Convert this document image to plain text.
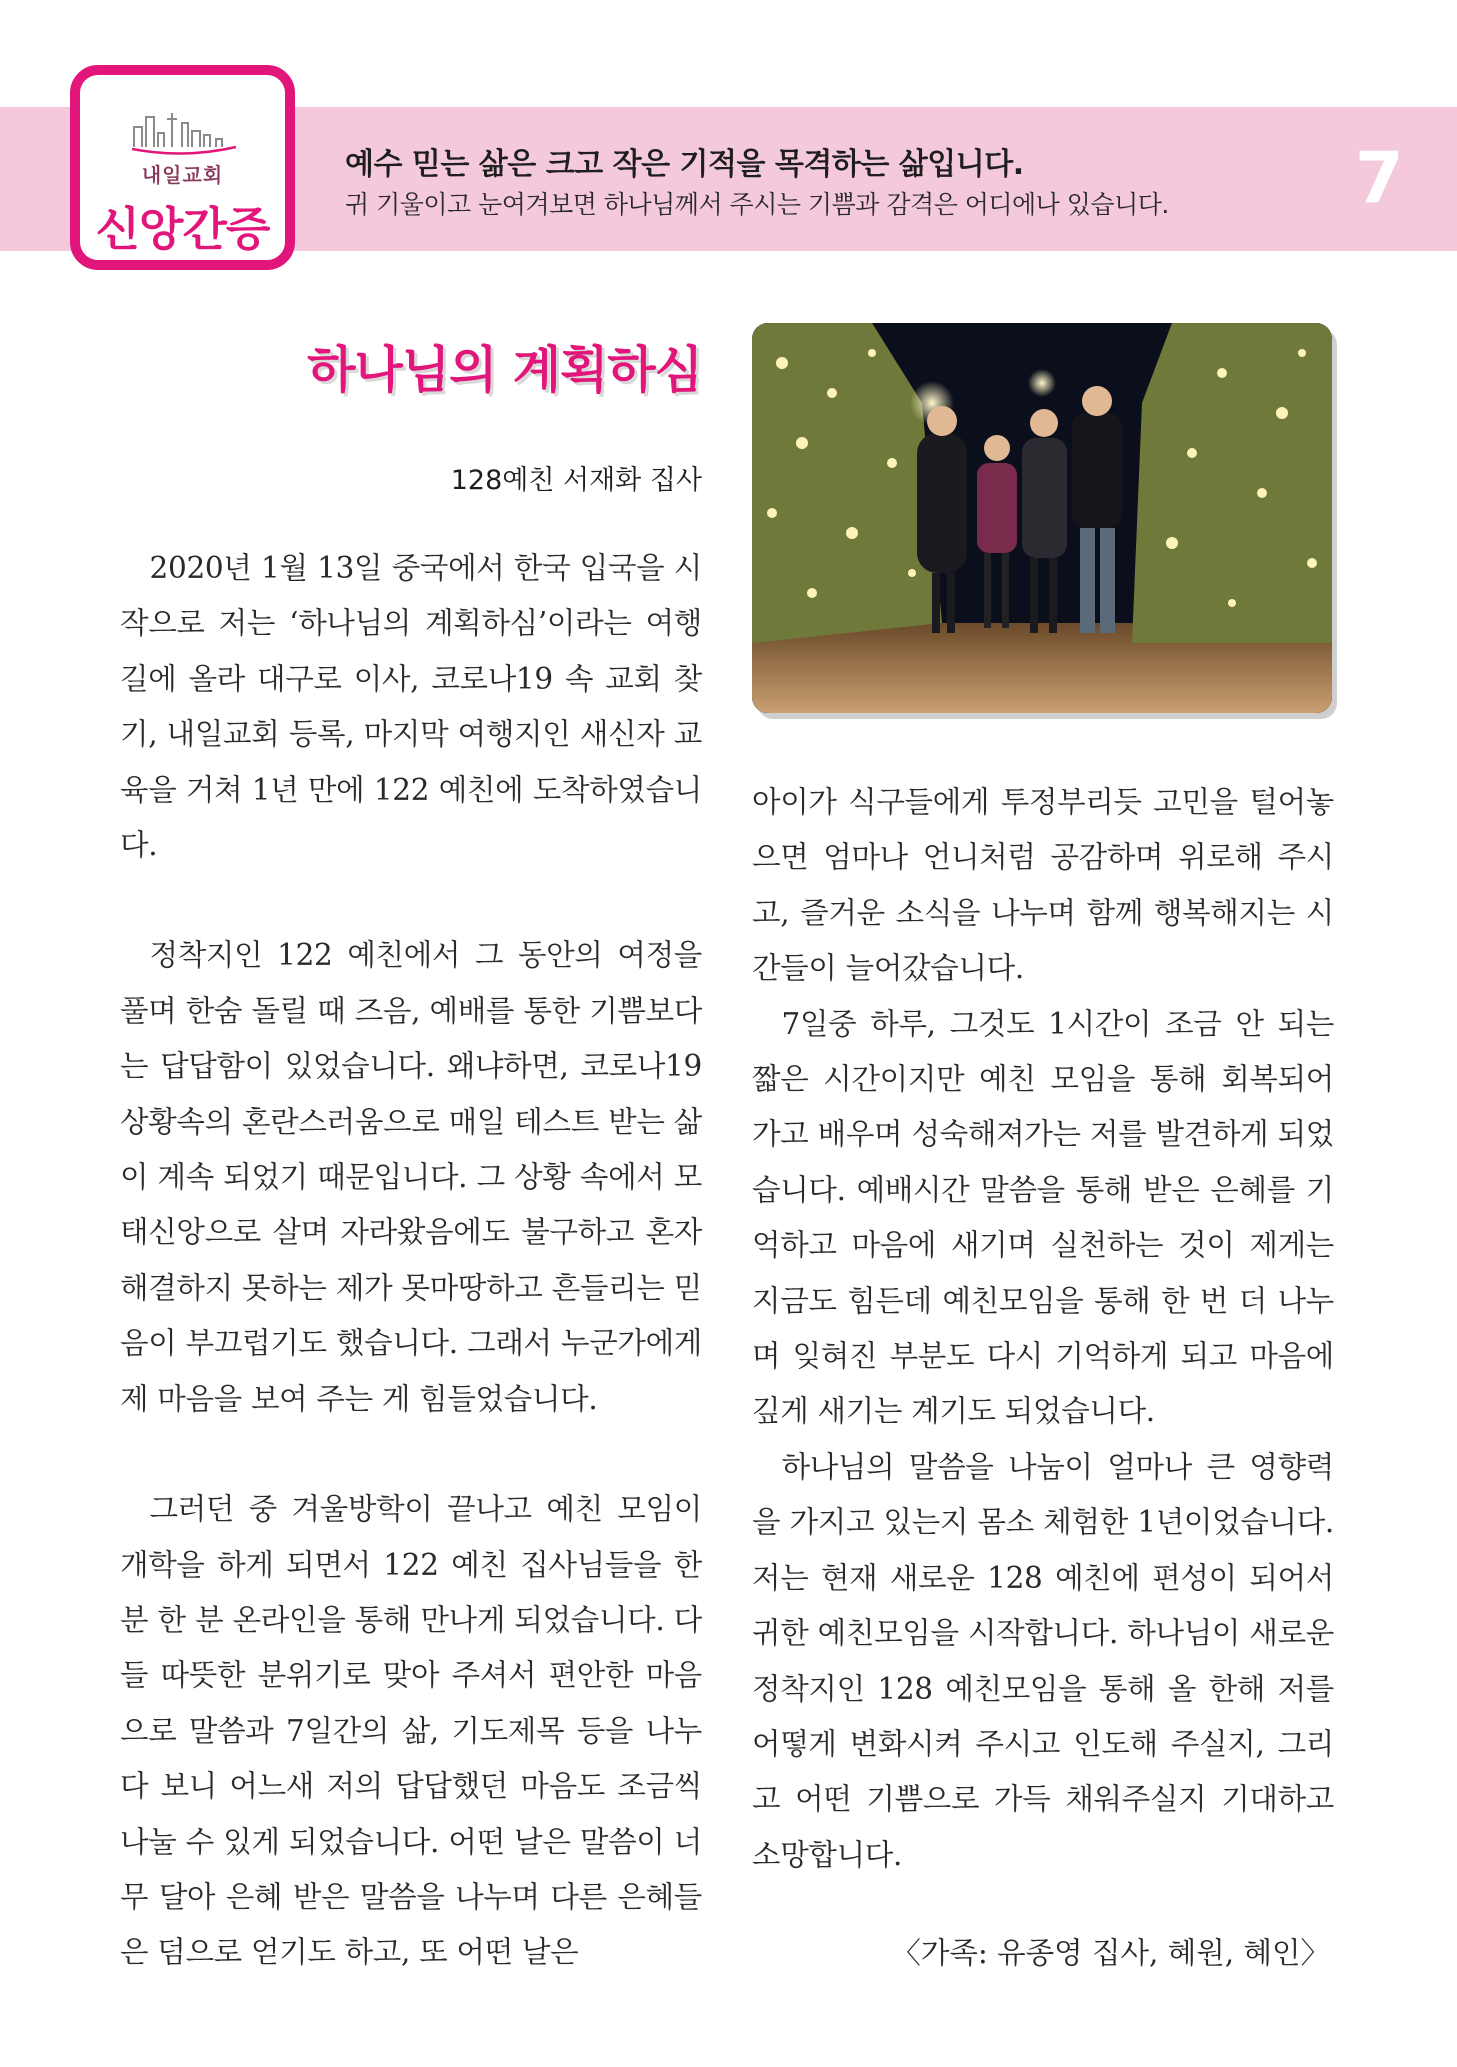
내일교회
신앙간증
예수 믿는 삶은 크고 작은 기적을 목격하는 삶입니다.
귀 기울이고 눈여겨보면 하나님께서 주시는 기쁨과 감격은 어디에나 있습니다.	7
하나님의 계획하심
128예친 서재화 집사

2020년 1월 13일 중국에서 한국 입국을 시작으로 저는 ‘하나님의 계획하심’이라는 여행길에 올라 대구로 이사, 코로나19 속 교회 찾기, 내일교회 등록, 마지막 여행지인 새신자 교육을 거쳐 1년 만에 122 예친에 도착하였습니다.

정착지인 122 예친에서 그 동안의 여정을 풀며 한숨 돌릴 때 즈음, 예배를 통한 기쁨보다는 답답함이 있었습니다. 왜냐하면, 코로나19 상황속의 혼란스러움으로 매일 테스트 받는 삶이 계속 되었기 때문입니다. 그 상황 속에서 모태신앙으로 살며 자라왔음에도 불구하고 혼자 해결하지 못하는 제가 못마땅하고 흔들리는 믿음이 부끄럽기도 했습니다. 그래서 누군가에게 제 마음을 보여 주는 게 힘들었습니다.

그러던 중 겨울방학이 끝나고 예친 모임이 개학을 하게 되면서 122 예친 집사님들을 한 분 한 분 온라인을 통해 만나게 되었습니다. 다들 따뜻한 분위기로 맞아 주셔서 편안한 마음으로 말씀과 7일간의 삶, 기도제목 등을 나누다 보니 어느새 저의 답답했던 마음도 조금씩 나눌 수 있게 되었습니다. 어떤 날은 말씀이 너무 달아 은혜 받은 말씀을 나누며 다른 은혜들은 덤으로 얻기도 하고, 또 어떤 날은

아이가 식구들에게 투정부리듯 고민을 털어놓으면 엄마나 언니처럼 공감하며 위로해 주시고, 즐거운 소식을 나누며 함께 행복해지는 시간들이 늘어갔습니다.

7일중 하루, 그것도 1시간이 조금 안 되는 짧은 시간이지만 예친 모임을 통해 회복되어 가고 배우며 성숙해져가는 저를 발견하게 되었습니다. 예배시간 말씀을 통해 받은 은혜를 기억하고 마음에 새기며 실천하는 것이 제게는 지금도 힘든데 예친모임을 통해 한 번 더 나누며 잊혀진 부분도 다시 기억하게 되고 마음에 깊게 새기는 계기도 되었습니다.

하나님의 말씀을 나눔이 얼마나 큰 영향력을 가지고 있는지 몸소 체험한 1년이었습니다. 저는 현재 새로운 128 예친에 편성이 되어서 귀한 예친모임을 시작합니다. 하나님이 새로운 정착지인 128 예친모임을 통해 올 한해 저를 어떻게 변화시켜 주시고 인도해 주실지, 그리고 어떤 기쁨으로 가득 채워주실지 기대하고 소망합니다.

〈가족: 유종영 집사, 혜원, 혜인〉
